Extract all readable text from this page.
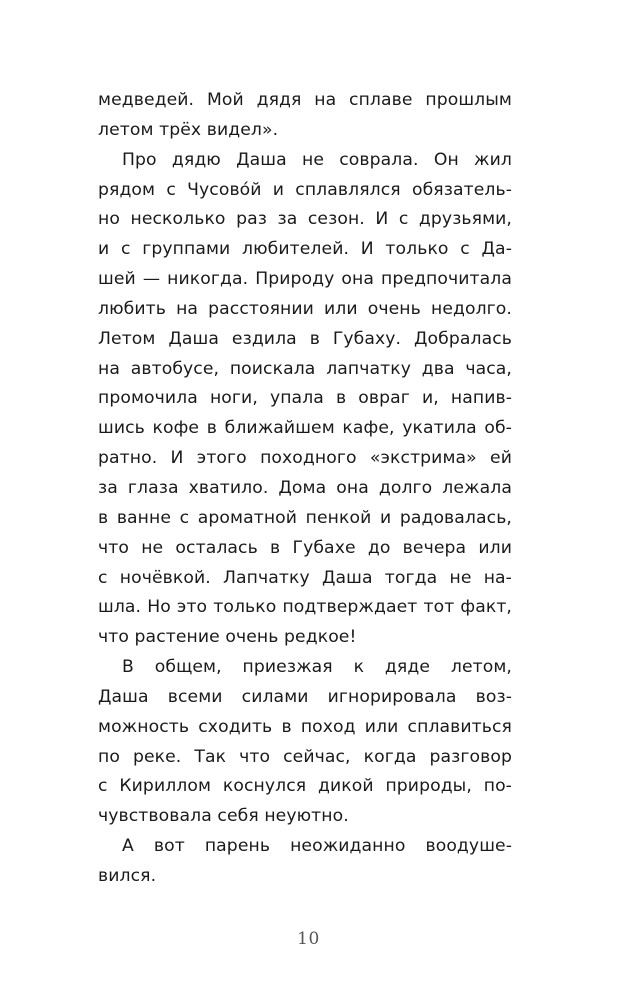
медведей. Мой дядя на сплаве прошлым
летом трёх видел».
Про дядю Даша не соврала. Он жил
рядом с Чусово́й и сплавлялся обязатель-
но несколько раз за сезон. И с друзьями,
и с группами любителей. И только с Да-
шей — никогда. Природу она предпочитала
любить на расстоянии или очень недолго.
Летом Даша ездила в Губаху. Добралась
на автобусе, поискала лапчатку два часа,
промочила ноги, упала в овраг и, напив-
шись кофе в ближайшем кафе, укатила об-
ратно. И этого походного «экстрима» ей
за глаза хватило. Дома она долго лежала
в ванне с ароматной пенкой и радовалась,
что не осталась в Губахе до вечера или
с ночёвкой. Лапчатку Даша тогда не на-
шла. Но это только подтверждает тот факт,
что растение очень редкое!
В общем, приезжая к дяде летом,
Даша всеми силами игнорировала воз-
можность сходить в поход или сплавиться
по реке. Так что сейчас, когда разговор
с Кириллом коснулся дикой природы, по-
чувствовала себя неуютно.
А вот парень неожиданно воодуше-
вился.
10
